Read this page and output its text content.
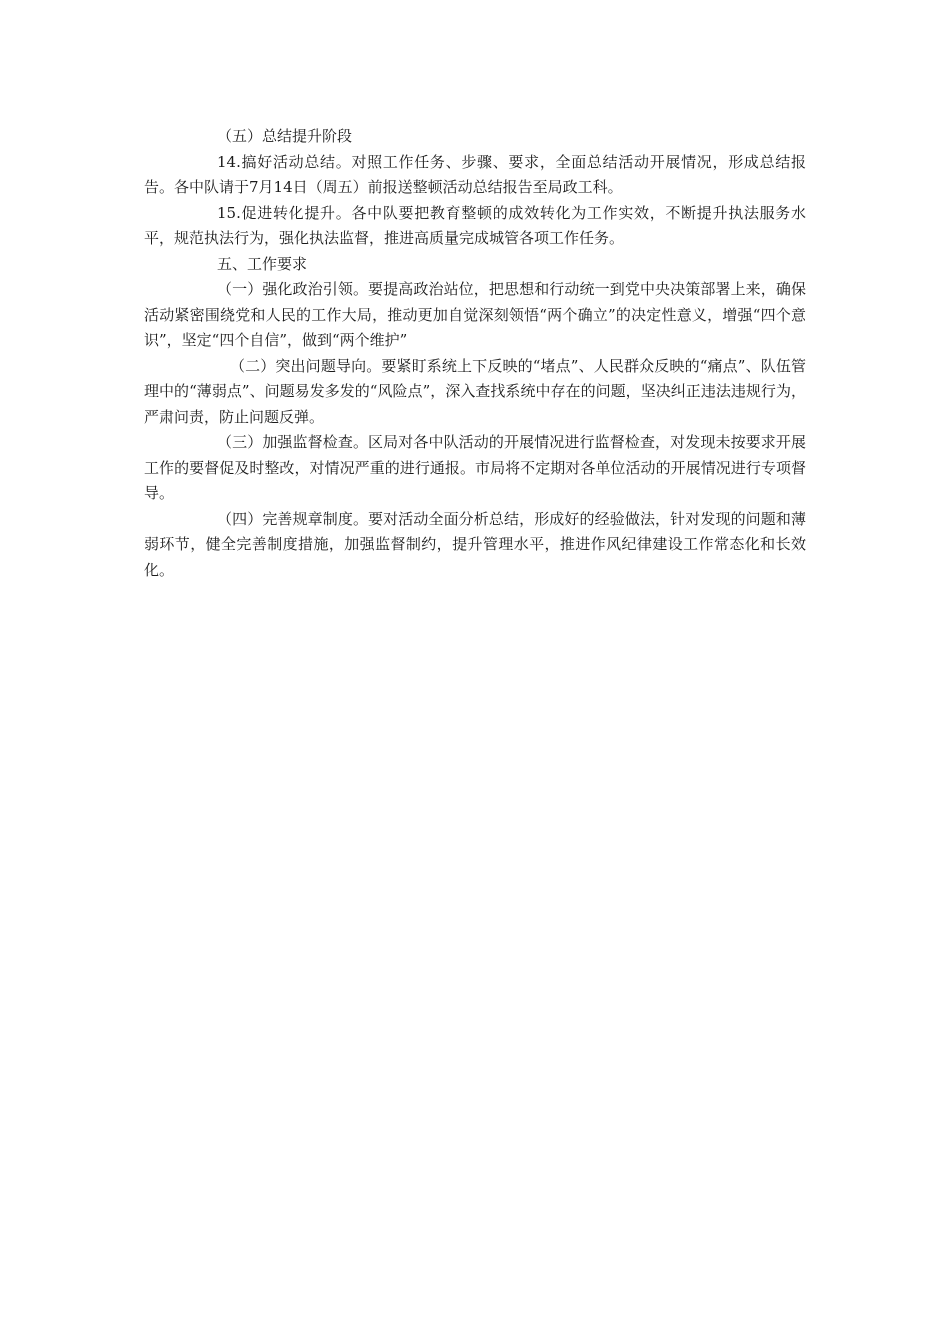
（五）总结提升阶段

14.搞好活动总结。对照工作任务、步骤、要求，全面总结活动开展情况，形成总结报告。各中队请于7月14日（周五）前报送整顿活动总结报告至局政工科。

15.促进转化提升。各中队要把教育整顿的成效转化为工作实效，不断提升执法服务水平，规范执法行为，强化执法监督，推进高质量完成城管各项工作任务。

五、工作要求

（一）强化政治引领。要提高政治站位，把思想和行动统一到党中央决策部署上来，确保活动紧密围绕党和人民的工作大局，推动更加自觉深刻领悟“两个确立”的决定性意义，增强“四个意识”，坚定“四个自信”，做到“两个维护”

（二）突出问题导向。要紧盯系统上下反映的“堵点”、人民群众反映的“痛点”、队伍管理中的“薄弱点”、问题易发多发的“风险点”，深入查找系统中存在的问题，坚决纠正违法违规行为，严肃问责，防止问题反弹。

（三）加强监督检查。区局对各中队活动的开展情况进行监督检查，对发现未按要求开展工作的要督促及时整改，对情况严重的进行通报。市局将不定期对各单位活动的开展情况进行专项督导。

（四）完善规章制度。要对活动全面分析总结，形成好的经验做法，针对发现的问题和薄弱环节，健全完善制度措施，加强监督制约，提升管理水平，推进作风纪律建设工作常态化和长效化。
